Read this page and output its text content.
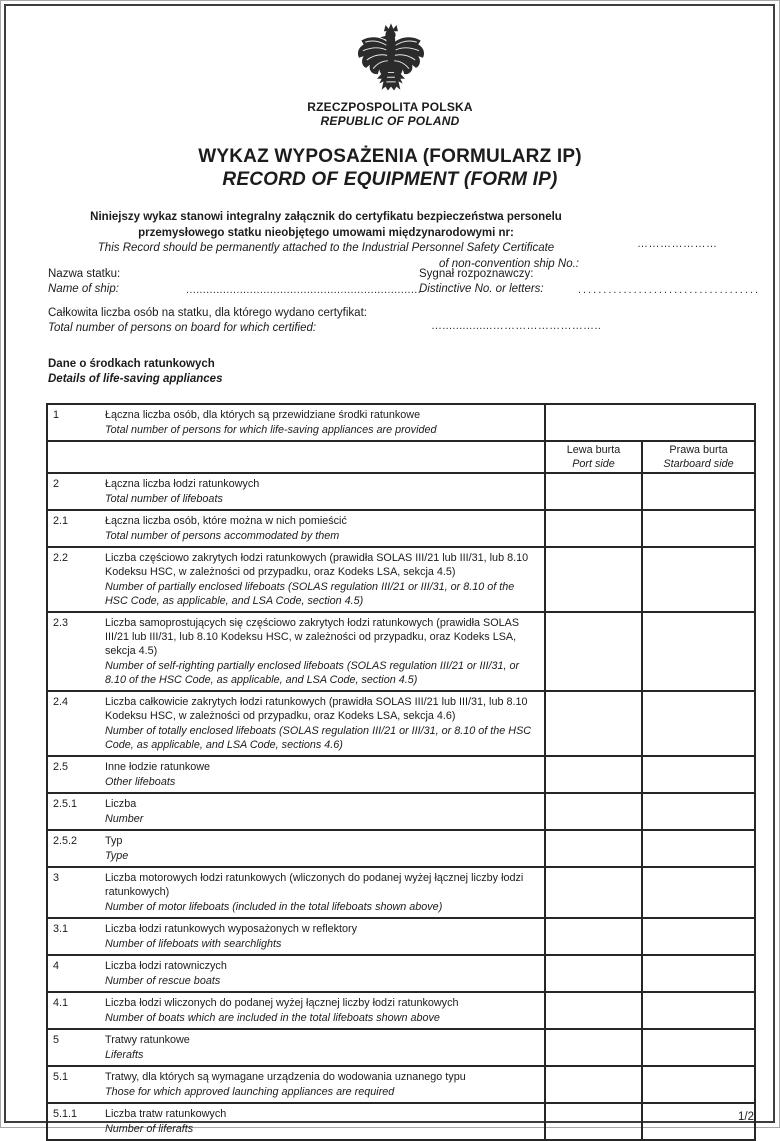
RZECZPOSPOLITA POLSKA
REPUBLIC OF POLAND
WYKAZ WYPOSAŻENIA (FORMULARZ IP)
RECORD OF EQUIPMENT (FORM IP)
Niniejszy wykaz stanowi integralny załącznik do certyfikatu bezpieczeństwa personelu
przemysłowego statku nieobjętego umowami międzynarodowymi nr:
This Record should be permanently attached to the Industrial Personnel Safety Certificate
of non-convention ship No.:
…………………
Nazwa statku:
Name of ship:	......................................................................
Sygnał rozpoznawczy:
Distinctive No. or letters:	....................................
Całkowita liczba osób na statku, dla którego wydano certyfikat:
Total number of persons on board for which certified:	…...............………………………..
Dane o środkach ratunkowych
Details of life-saving appliances
1 Łączna liczba osób, dla których są przewidziane środki ratunkowe
Total number of persons for which life-saving appliances are provided		

Lewa burta
Port side

Prawa burta
Starboard side

2 Łączna liczba łodzi ratunkowych
Total number of lifeboats		

2.1 Łączna liczba osób, które można w nich pomieścić
Total number of persons accommodated by them		

2.2 Liczba częściowo zakrytych łodzi ratunkowych (prawidła SOLAS III/21 lub III/31, lub 8.10 Kodeksu HSC, w zależności od przypadku, oraz Kodeks LSA, sekcja 4.5)
Number of partially enclosed lifeboats (SOLAS regulation III/21 or III/31, or 8.10 of the HSC Code, as applicable, and LSA Code, section 4.5)		

2.3 Liczba samoprostujących się częściowo zakrytych łodzi ratunkowych (prawidła SOLAS III/21 lub III/31, lub 8.10 Kodeksu HSC, w zależności od przypadku, oraz Kodeks LSA, sekcja 4.5)
Number of self-righting partially enclosed lifeboats (SOLAS regulation III/21 or III/31, or 8.10 of the HSC Code, as applicable, and LSA Code, section 4.5)		

2.4 Liczba całkowicie zakrytych łodzi ratunkowych (prawidła SOLAS III/21 lub III/31, lub 8.10 Kodeksu HSC, w zależności od przypadku, oraz Kodeks LSA, sekcja 4.6)
Number of totally enclosed lifeboats (SOLAS regulation III/21 or III/31, or 8.10 of the HSC Code, as applicable, and LSA Code, sections 4.6)		

2.5 Inne łodzie ratunkowe
Other lifeboats		

2.5.1 Liczba
Number		

2.5.2 Typ
Type		

3 Liczba motorowych łodzi ratunkowych (wliczonych do podanej wyżej łącznej liczby łodzi ratunkowych)
Number of motor lifeboats (included in the total lifeboats shown above)		

3.1 Liczba łodzi ratunkowych wyposażonych w reflektory
Number of lifeboats with searchlights		

4 Liczba łodzi ratowniczych
Number of rescue boats		

4.1 Liczba łodzi wliczonych do podanej wyżej łącznej liczby łodzi ratunkowych
Number of boats which are included in the total lifeboats shown above		

5 Tratwy ratunkowe
Liferafts		

5.1 Tratwy, dla których są wymagane urządzenia do wodowania uznanego typu
Those for which approved launching appliances are required		

5.1.1 Liczba tratw ratunkowych
Number of liferafts		

1/2
